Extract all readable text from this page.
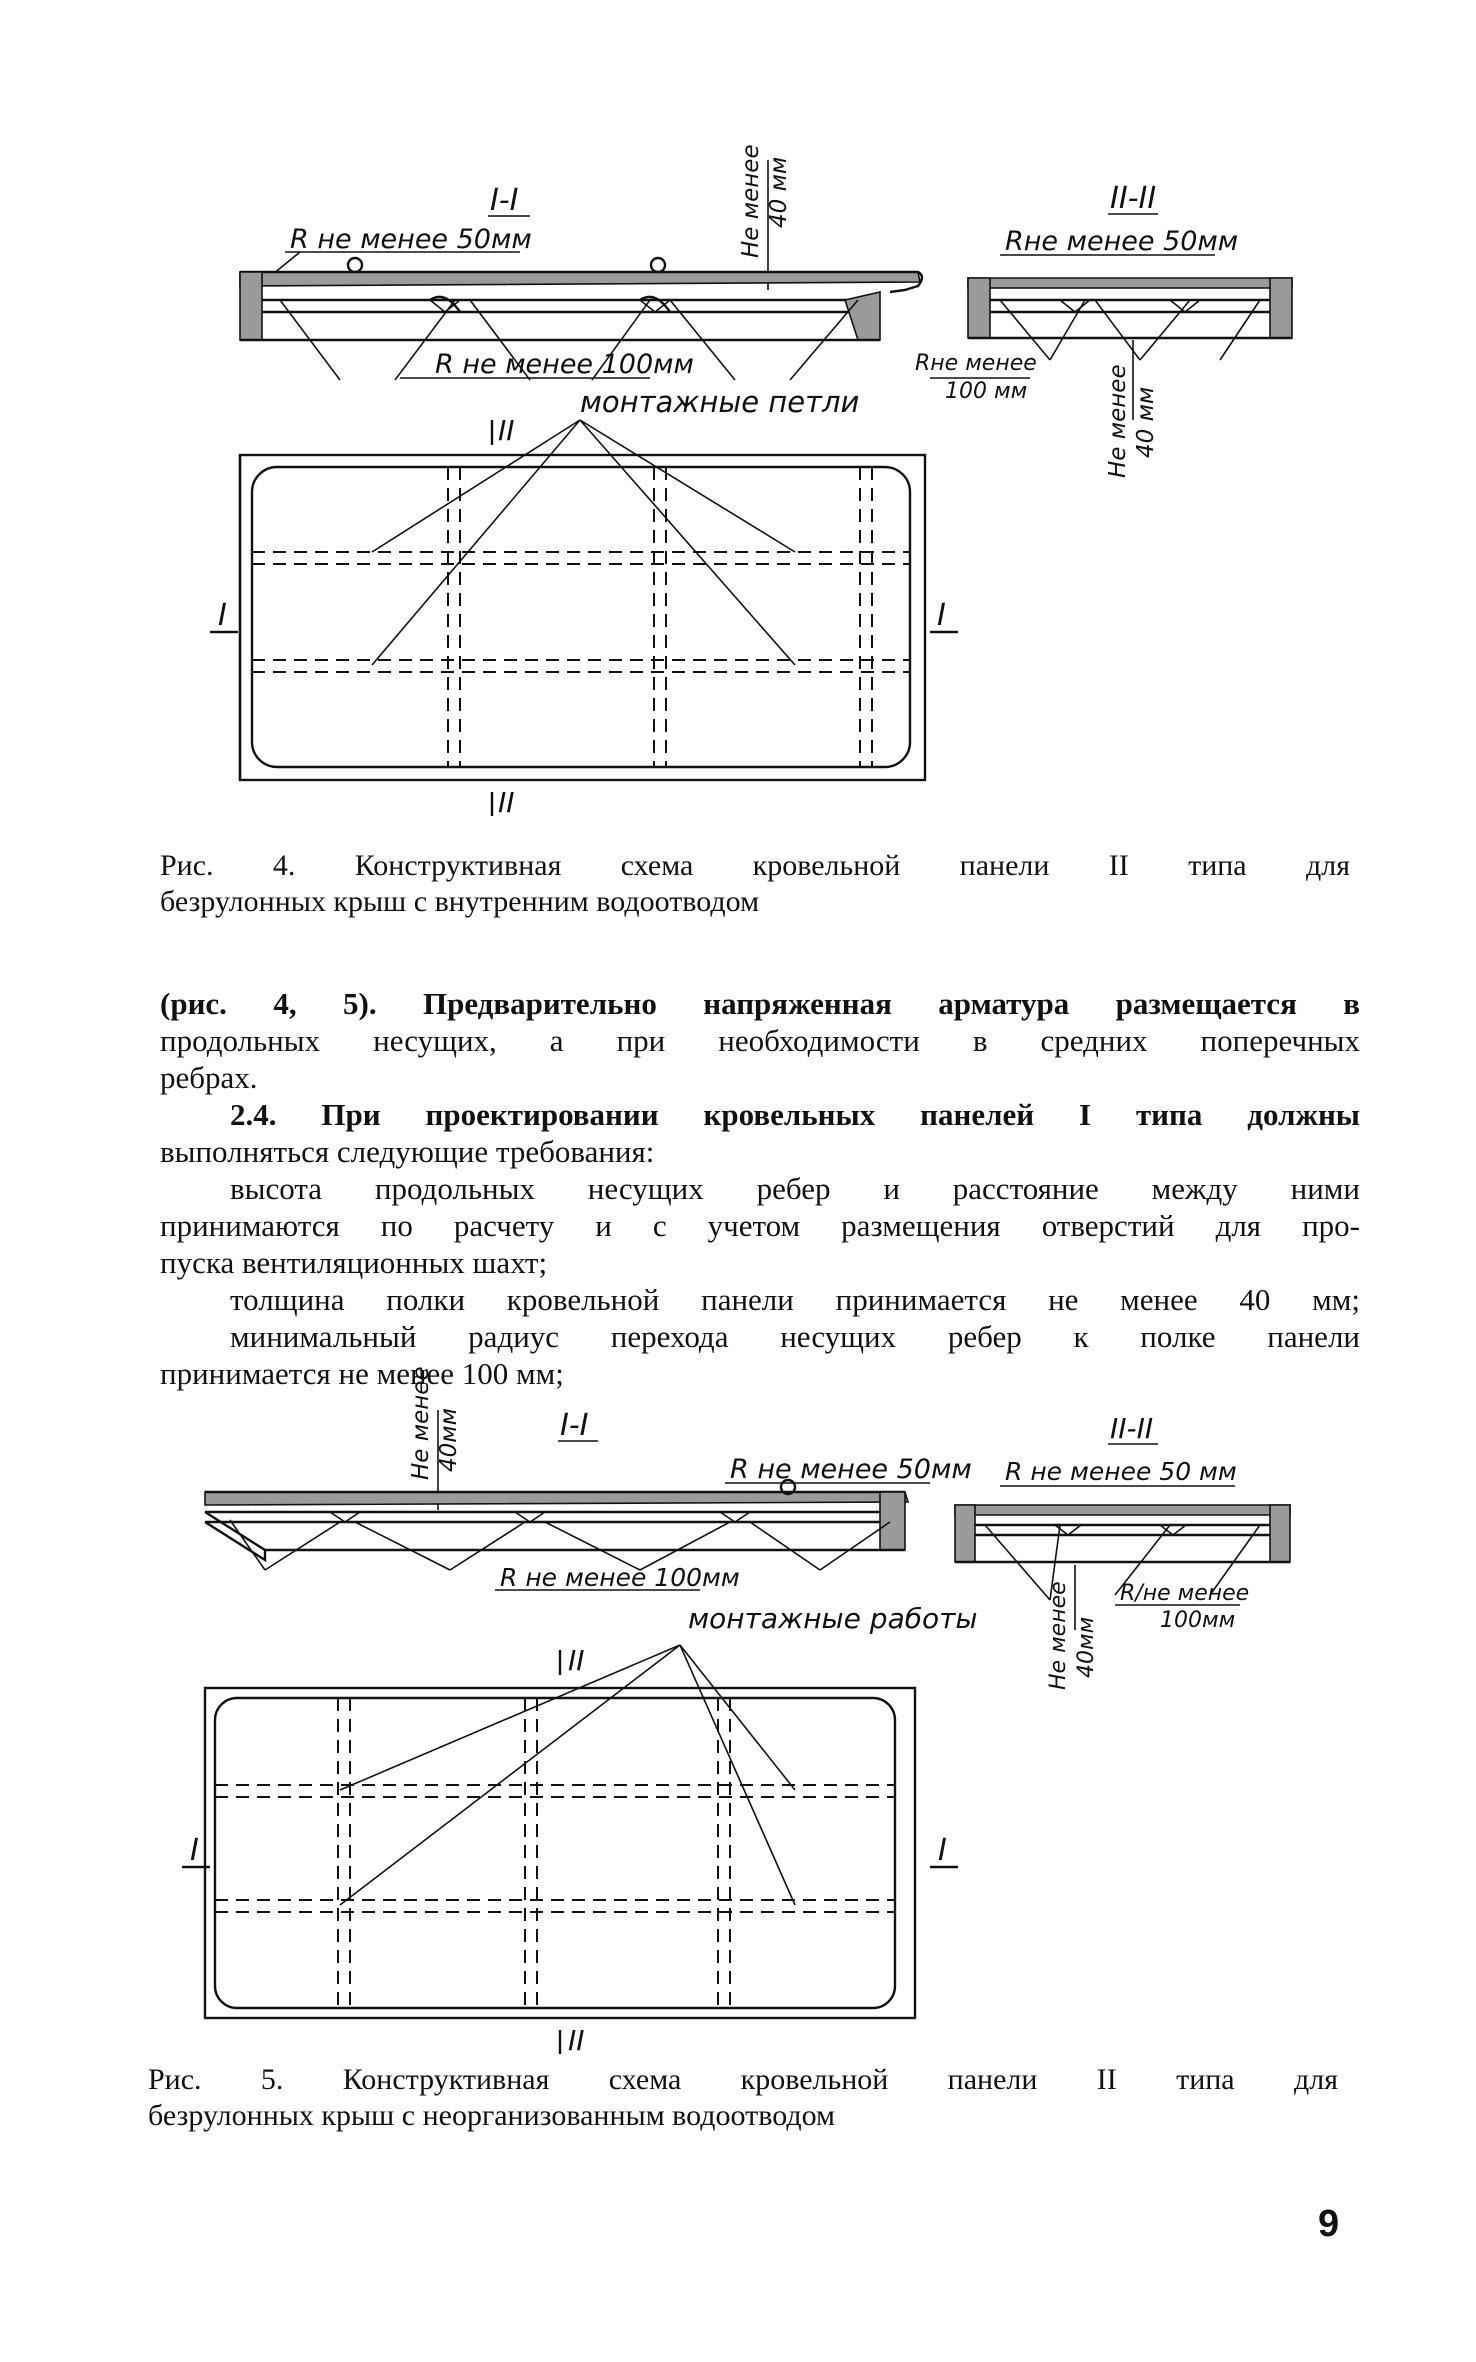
I-I
R не менее 50мм	Не менее 40 мм
R не менее 100мм
монтажные петли
II-II
Rне менее 50мм
Rне менее
100 мм	Не менее 40 мм
II
I	I
II
Рис. 4. Конструктивная схема кровельной панели II типа для
безрулонных крыш с внутренним водоотводом

(рис. 4, 5). Предварительно напряженная арматура размещается в

продольных несущих, а при необходимости в средних поперечных

ребрах.

2.4. При проектировании кровельных панелей I типа должны

выполняться следующие требования:

высота продольных несущих ребер и расстояние между ними

принимаются по расчету и с учетом размещения отверстий для про-

пуска вентиляционных шахт;

толщина полки кровельной панели принимается не менее 40 мм;

минимальный радиус перехода несущих ребер к полке панели

принимается не менее 100 мм;

Не менее 40мм	I-I
R не менее 50мм
R не менее 100мм
монтажные работы
II-II
R не менее 50 мм
R/не менее
100мм
Не менее 40мм
II
I	I
II
Рис. 5. Конструктивная схема кровельной панели II типа для
безрулонных крыш с неорганизованным водоотводом
9
